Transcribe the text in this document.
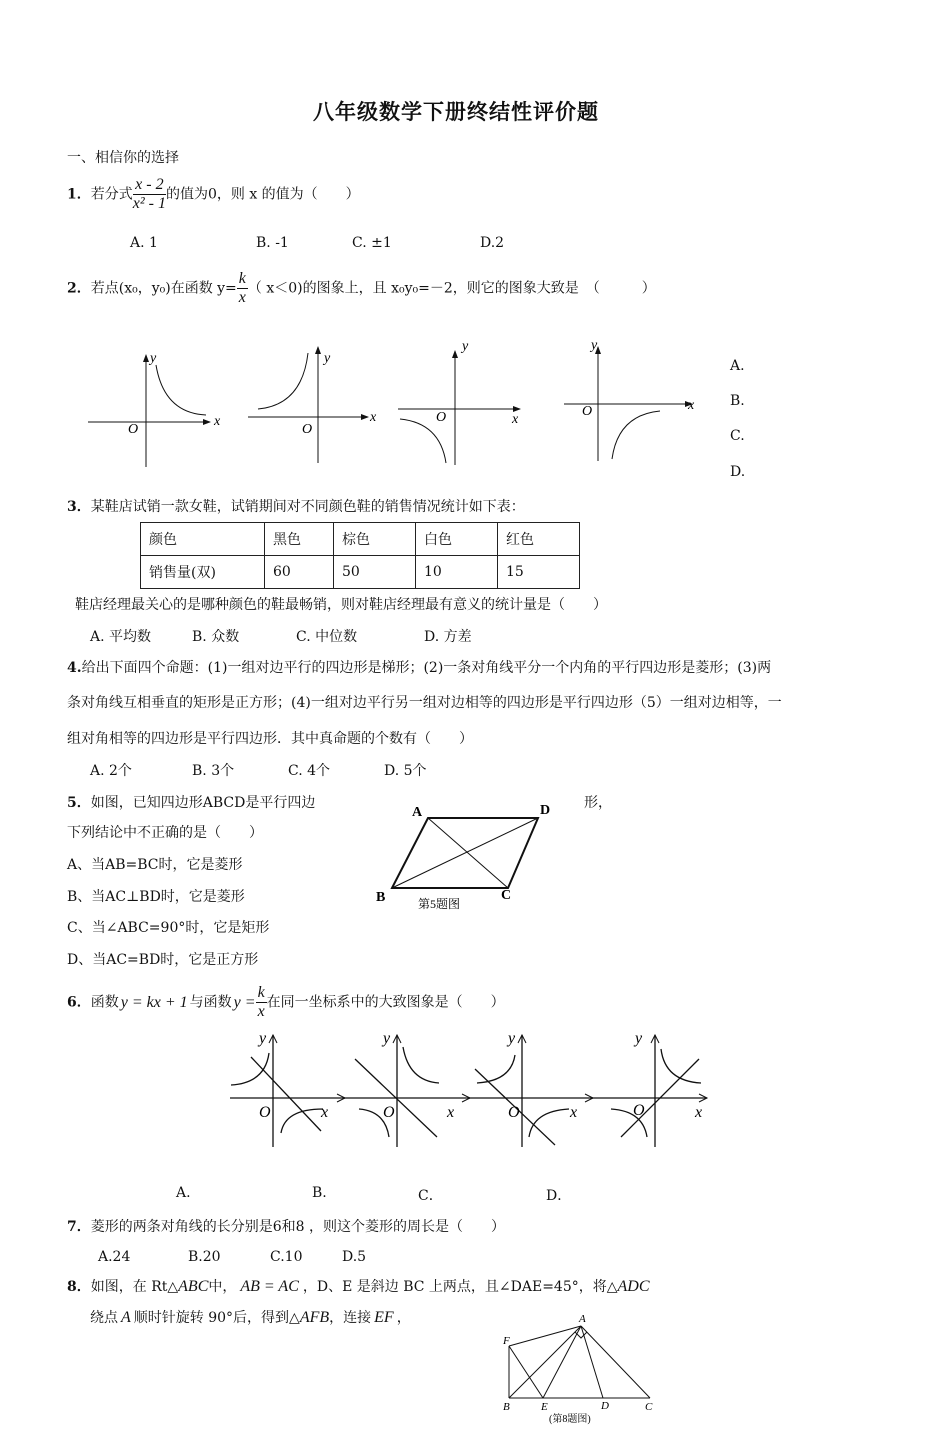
八年级数学下册终结性评价题
一、相信你的选择
1．若分式 $\frac{x - 2}{\text{x² - 1}}$ 的值为0，则 x 的值为（　　）
A. 1	B. -1	C. ±1	D.2
2．若点(x₀，y₀)在函数 $y= \frac{k}{x}$ （ x＜0)的图象上，且 x₀y₀=－2，则它的图象大致是　（　　　）
y
x
O
y
x
O
y
x
O
y
x
O
A.
B.
C.
D.
3．某鞋店试销一款女鞋，试销期间对不同颜色鞋的销售情况统计如下表：
颜色	黑色	棕色	白色	红色
销售量(双)	60	50	10	15
鞋店经理最关心的是哪种颜色的鞋最畅销，则对鞋店经理最有意义的统计量是（　　）
A. 平均数	B. 众数	C. 中位数	D. 方差
4.给出下面四个命题：(1)一组对边平行的四边形是梯形；(2)一条对角线平分一个内角的平行四边形是菱形；(3)两
条对角线互相垂直的矩形是正方形；(4)一组对边平行另一组对边相等的四边形是平行四边形（5）一组对边相等，一
组对角相等的四边形是平行四边形．其中真命题的个数有（　　）
A. 2个	B. 3个	C. 4个	D. 5个
5．如图，已知四边形ABCD是平行四边	形，
下列结论中不正确的是（　　）
A、当AB=BC时，它是菱形
B、当AC⊥BD时，它是菱形
C、当∠ABC=90°时，它是矩形
D、当AC=BD时，它是正方形
A	D
B	C
第5题图
6．函数 y = kx + 1 与函数 $y = \frac{k}{x}$ 在同一坐标系中的大致图象是（　　）
y
x
O
y
x
O
y
x
O
y
x
O
A.	B.	C．	D．
7．菱形的两条对角线的长分别是6和8 ，则这个菱形的周长是（　　）
A.24	B.20	C.10	D.5
8．如图，在 Rt△ABC中， AB = AC ，D、E 是斜边 BC 上两点，且∠DAE=45°，将△ADC
绕点 A 顺时针旋转 90°后，得到△AFB，连接 EF ，	A
F
B	E	D	C
(第8题图)
